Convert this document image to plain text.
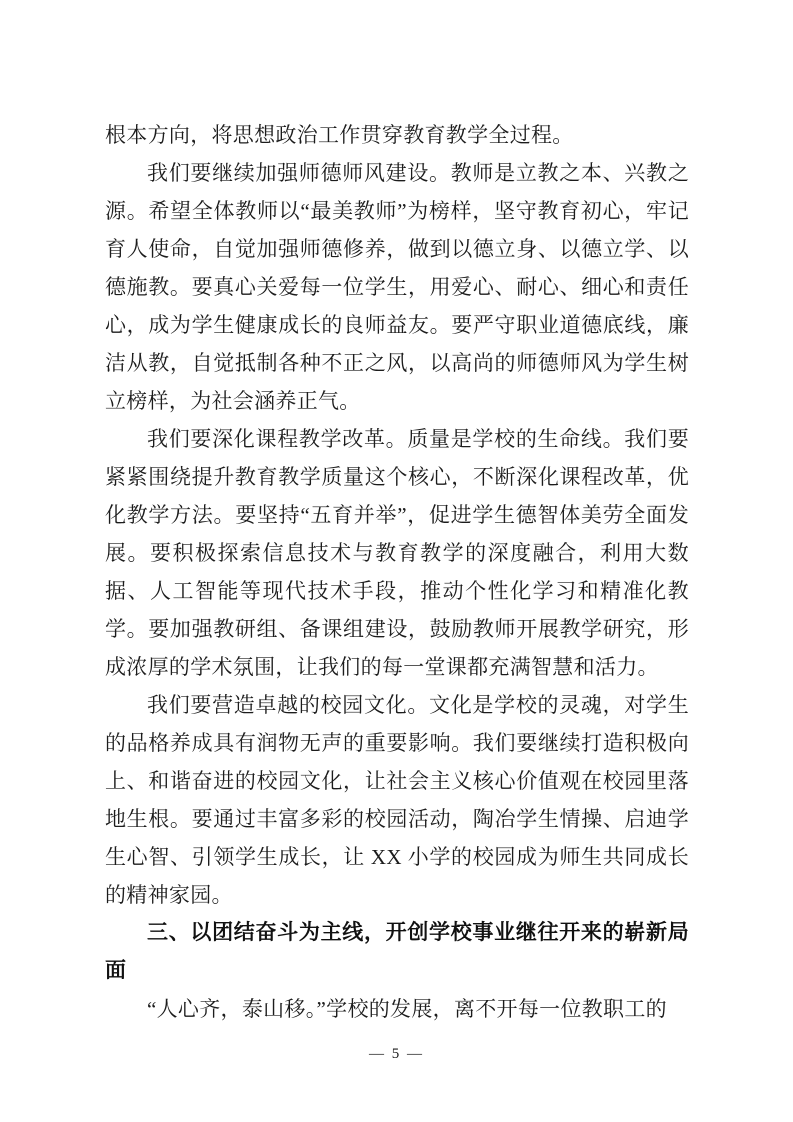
根本方向，将思想政治工作贯穿教育教学全过程。

我们要继续加强师德师风建设。教师是立教之本、兴教之源。希望全体教师以“最美教师”为榜样，坚守教育初心，牢记育人使命，自觉加强师德修养，做到以德立身、以德立学、以德施教。要真心关爱每一位学生，用爱心、耐心、细心和责任心，成为学生健康成长的良师益友。要严守职业道德底线，廉洁从教，自觉抵制各种不正之风，以高尚的师德师风为学生树立榜样，为社会涵养正气。

我们要深化课程教学改革。质量是学校的生命线。我们要紧紧围绕提升教育教学质量这个核心，不断深化课程改革，优化教学方法。要坚持“五育并举”，促进学生德智体美劳全面发展。要积极探索信息技术与教育教学的深度融合，利用大数据、人工智能等现代技术手段，推动个性化学习和精准化教学。要加强教研组、备课组建设，鼓励教师开展教学研究，形成浓厚的学术氛围，让我们的每一堂课都充满智慧和活力。

我们要营造卓越的校园文化。文化是学校的灵魂，对学生的品格养成具有润物无声的重要影响。我们要继续打造积极向上、和谐奋进的校园文化，让社会主义核心价值观在校园里落地生根。要通过丰富多彩的校园活动，陶冶学生情操、启迪学生心智、引领学生成长，让 XX 小学的校园成为师生共同成长的精神家园。

三、以团结奋斗为主线，开创学校事业继往开来的崭新局面

“人心齐，泰山移。”学校的发展，离不开每一位教职工的

— 5 —
